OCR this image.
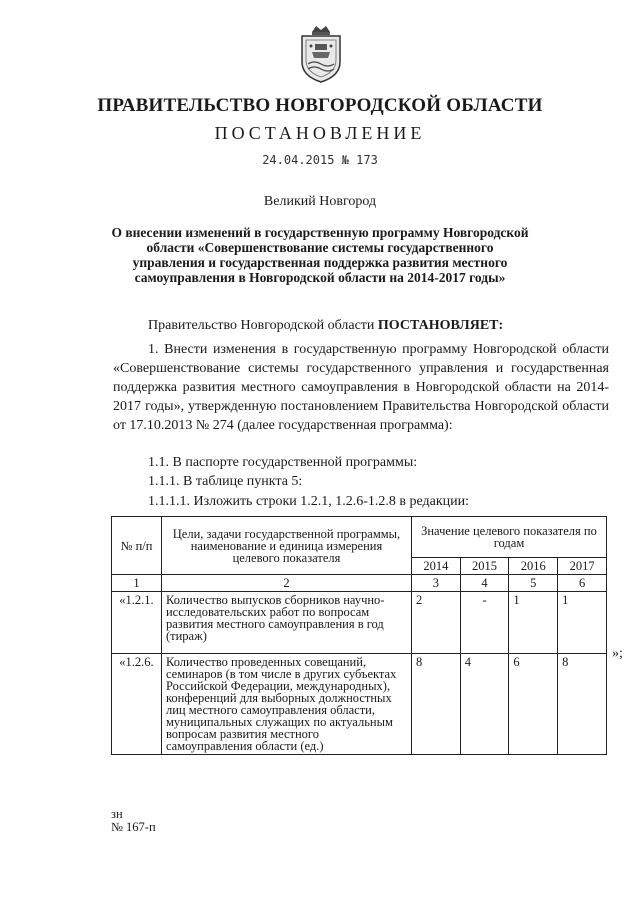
ПРАВИТЕЛЬСТВО НОВГОРОДСКОЙ ОБЛАСТИ
ПОСТАНОВЛЕНИЕ
24.04.2015 № 173
Великий Новгород
О внесении изменений в государственную программу Новгородской области «Совершенствование системы государственного управления и государственная поддержка развития местного самоуправления в Новгородской области на 2014-2017 годы»
Правительство Новгородской области ПОСТАНОВЛЯЕТ:
1. Внести изменения в государственную программу Новгородской области «Совершенствование системы государственного управления и государственная поддержка развития местного самоуправления в Новгородской области на 2014-2017 годы», утвержденную постановлением Правительства Новгородской области от 17.10.2013 № 274 (далее государственная программа):
1.1. В паспорте государственной программы:
1.1.1. В таблице пункта 5:
1.1.1.1. Изложить строки 1.2.1, 1.2.6-1.2.8 в редакции:
№ п/п	Цели, задачи государственной программы, наименование и единица измерения целевого показателя	Значение целевого показателя по годам			
		2014	2015	2016	2017
1	2	3	4	5	6
«1.2.1.	Количество выпусков сборников научно-исследовательских работ по вопросам развития местного самоуправления в год (тираж)	2	-	1	1
«1.2.6.	Количество проведенных совещаний, семинаров (в том числе в других субъектах Российской Федерации, международных), конференций для выборных должностных лиц местного самоуправления области, муниципальных служащих по актуальным вопросам развития местного самоуправления области (ед.)	8	4	6	8
»;
зн
№ 167-п
